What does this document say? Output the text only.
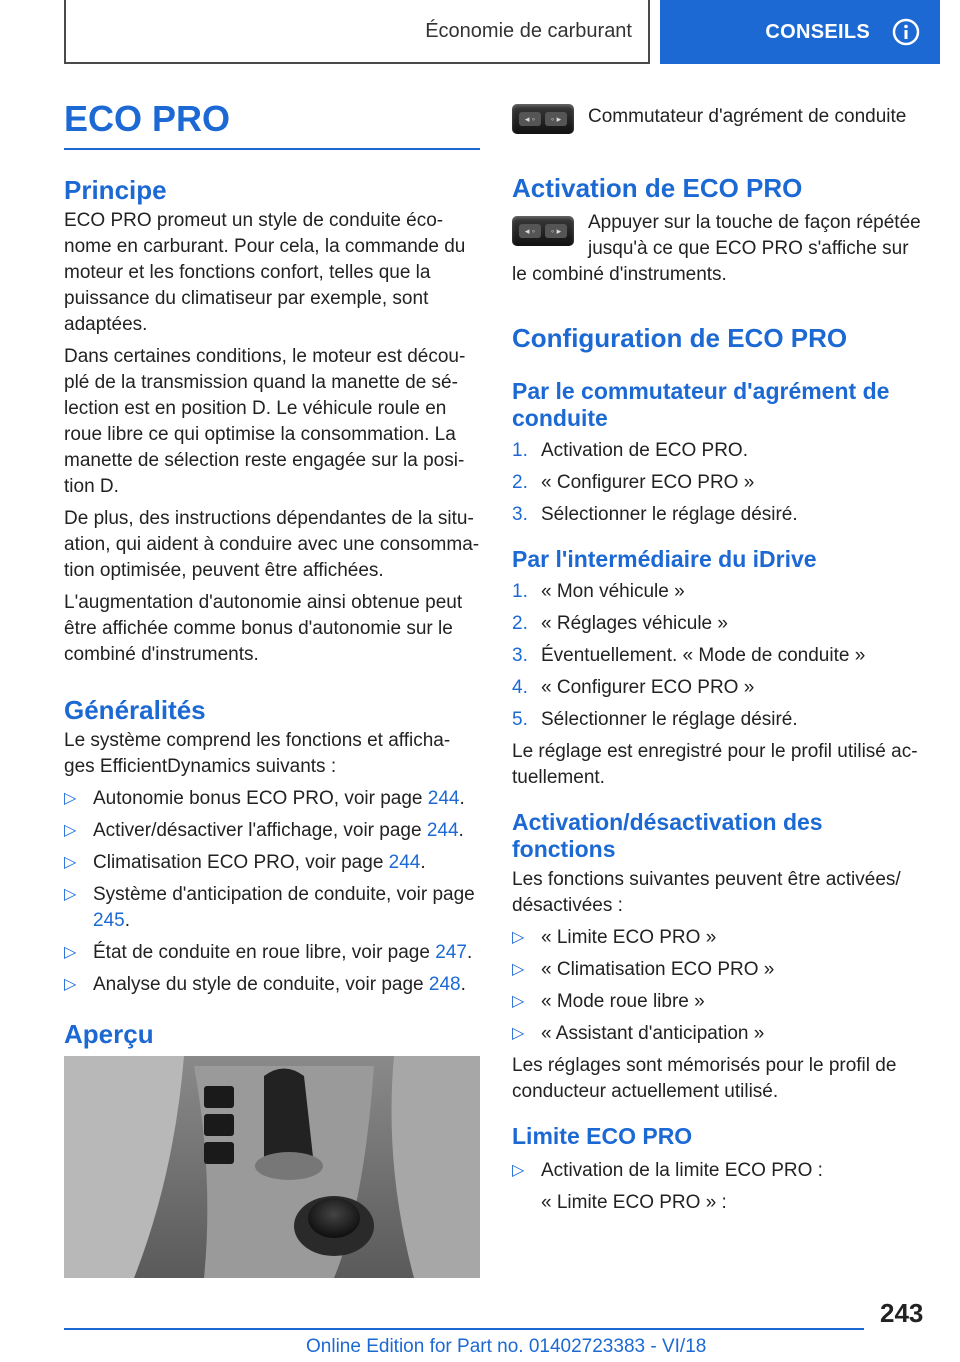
Économie de carburant	CONSEILS
ECO PRO
Principe

ECO PRO promeut un style de conduite éco-nome en carburant. Pour cela, la commande du moteur et les fonctions confort, telles que la puissance du climatiseur par exemple, sont adaptées.

Dans certaines conditions, le moteur est décou-plé de la transmission quand la manette de sé-lection est en position D. Le véhicule roule en roue libre ce qui optimise la consommation. La manette de sélection reste engagée sur la posi-tion D.

De plus, des instructions dépendantes de la situ-ation, qui aident à conduire avec une consomma-tion optimisée, peuvent être affichées.

L'augmentation d'autonomie ainsi obtenue peut être affichée comme bonus d'autonomie sur le combiné d'instruments.

Généralités

Le système comprend les fonctions et afficha-ges EfficientDynamics suivants :

▷ Autonomie bonus ECO PRO, voir page 244.
▷ Activer/désactiver l'affichage, voir page 244.
▷ Climatisation ECO PRO, voir page 244.
▷ Système d'anticipation de conduite, voir page 245.
▷ État de conduite en roue libre, voir page 247.
▷ Analyse du style de conduite, voir page 248.
Aperçu
◂ ◦	◦ ▸	Commutateur d'agrément de conduite

Activation de ECO PRO
◂ ◦	◦ ▸	Appuyer sur la touche de façon répétée jusqu'à ce que ECO PRO s'affiche sur le combiné d'instruments.

Configuration de ECO PRO
Par le commutateur d'agrément de conduite
1. Activation de ECO PRO.
2. « Configurer ECO PRO »
3. Sélectionner le réglage désiré.
Par l'intermédiaire du iDrive
1. « Mon véhicule »
2. « Réglages véhicule »
3. Éventuellement. « Mode de conduite »
4. « Configurer ECO PRO »
5. Sélectionner le réglage désiré.

Le réglage est enregistré pour le profil utilisé ac-tuellement.

Activation/désactivation des fonctions

Les fonctions suivantes peuvent être activées/ désactivées :

▷ « Limite ECO PRO »
▷ « Climatisation ECO PRO »
▷ « Mode roue libre »
▷ « Assistant d'anticipation »

Les réglages sont mémorisés pour le profil de conducteur actuellement utilisé.

Limite ECO PRO
▷ Activation de la limite ECO PRO :
« Limite ECO PRO » :
243
Online Edition for Part no. 01402723383 - VI/18
